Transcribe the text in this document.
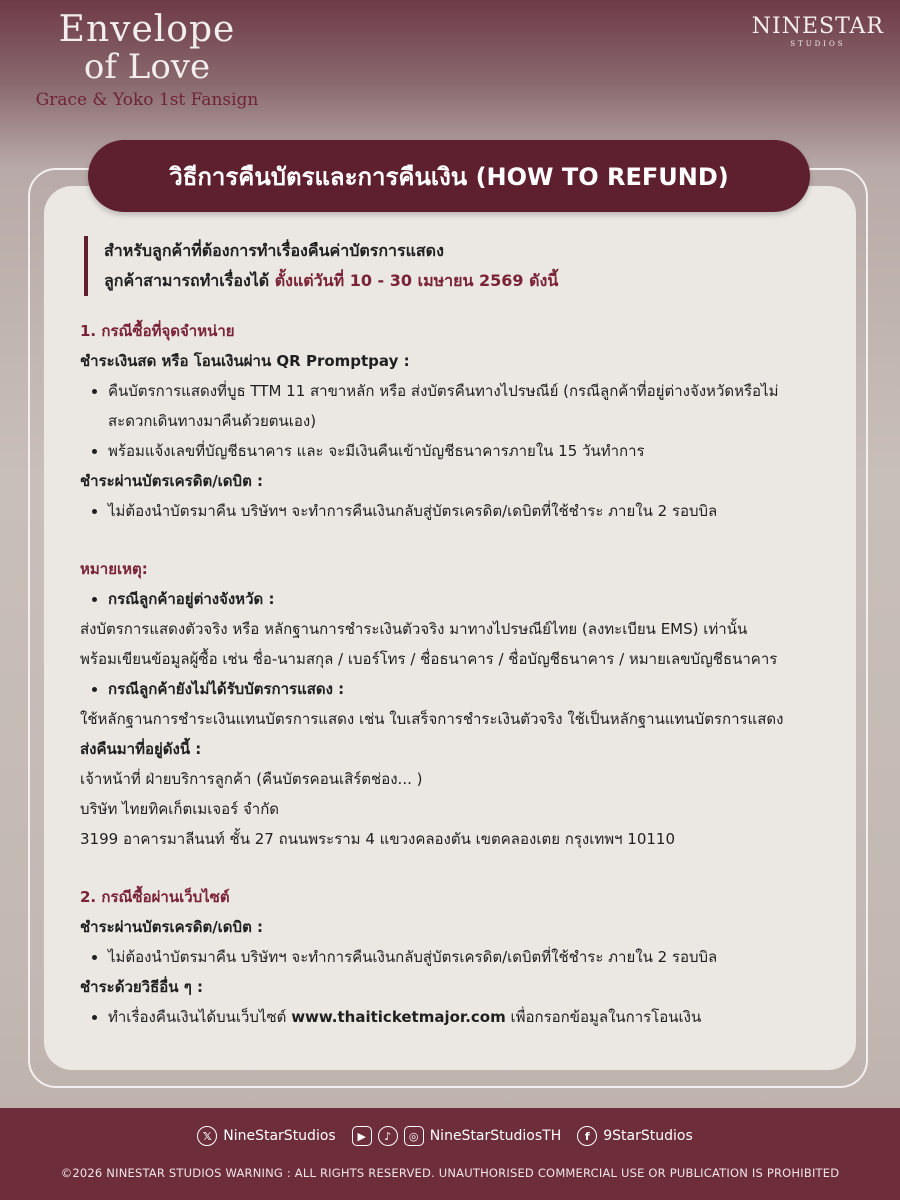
Envelope
of Love
Grace & Yoko 1st Fansign
NINESTAR
STUDIOS
วิธีการคืนบัตรและการคืนเงิน (HOW TO REFUND)
สำหรับลูกค้าที่ต้องการทำเรื่องคืนค่าบัตรการแสดง
ลูกค้าสามารถทำเรื่องได้ ตั้งแต่วันที่ 10 - 30 เมษายน 2569 ดังนี้
1. กรณีซื้อที่จุดจำหน่าย
ชำระเงินสด หรือ โอนเงินผ่าน QR Promptpay :
• คืนบัตรการแสดงที่บูธ TTM 11 สาขาหลัก หรือ ส่งบัตรคืนทางไปรษณีย์ (กรณีลูกค้าที่อยู่ต่างจังหวัดหรือไม่สะดวกเดินทางมาคืนด้วยตนเอง)
• พร้อมแจ้งเลขที่บัญชีธนาคาร และ จะมีเงินคืนเข้าบัญชีธนาคารภายใน 15 วันทำการ
ชำระผ่านบัตรเครดิต/เดบิต :
• ไม่ต้องนำบัตรมาคืน บริษัทฯ จะทำการคืนเงินกลับสู่บัตรเครดิต/เดบิตที่ใช้ชำระ ภายใน 2 รอบบิล
หมายเหตุ:
• กรณีลูกค้าอยู่ต่างจังหวัด :
ส่งบัตรการแสดงตัวจริง หรือ หลักฐานการชำระเงินตัวจริง มาทางไปรษณีย์ไทย (ลงทะเบียน EMS) เท่านั้น
พร้อมเขียนข้อมูลผู้ซื้อ เช่น ชื่อ-นามสกุล / เบอร์โทร / ชื่อธนาคาร / ชื่อบัญชีธนาคาร / หมายเลขบัญชีธนาคาร
• กรณีลูกค้ายังไม่ได้รับบัตรการแสดง :
ใช้หลักฐานการชำระเงินแทนบัตรการแสดง เช่น ใบเสร็จการชำระเงินตัวจริง ใช้เป็นหลักฐานแทนบัตรการแสดง
ส่งคืนมาที่อยู่ดังนี้ :
เจ้าหน้าที่ ฝ่ายบริการลูกค้า (คืนบัตรคอนเสิร์ตช่อง... )
บริษัท ไทยทิคเก็ตเมเจอร์ จำกัด
3199 อาคารมาลีนนท์ ชั้น 27 ถนนพระราม 4 แขวงคลองตัน เขตคลองเตย กรุงเทพฯ 10110
2. กรณีซื้อผ่านเว็บไซต์
ชำระผ่านบัตรเครดิต/เดบิต :
• ไม่ต้องนำบัตรมาคืน บริษัทฯ จะทำการคืนเงินกลับสู่บัตรเครดิต/เดบิตที่ใช้ชำระ ภายใน 2 รอบบิล
ชำระด้วยวิธีอื่น ๆ :
• ทำเรื่องคืนเงินได้บนเว็บไซต์ www.thaiticketmajor.com เพื่อกรอกข้อมูลในการโอนเงิน
𝕏 NineStarStudios	▶	♪	◎ NineStarStudiosTH	f 9StarStudios
©2026 NINESTAR STUDIOS WARNING : ALL RIGHTS RESERVED. UNAUTHORISED COMMERCIAL USE OR PUBLICATION IS PROHIBITED
